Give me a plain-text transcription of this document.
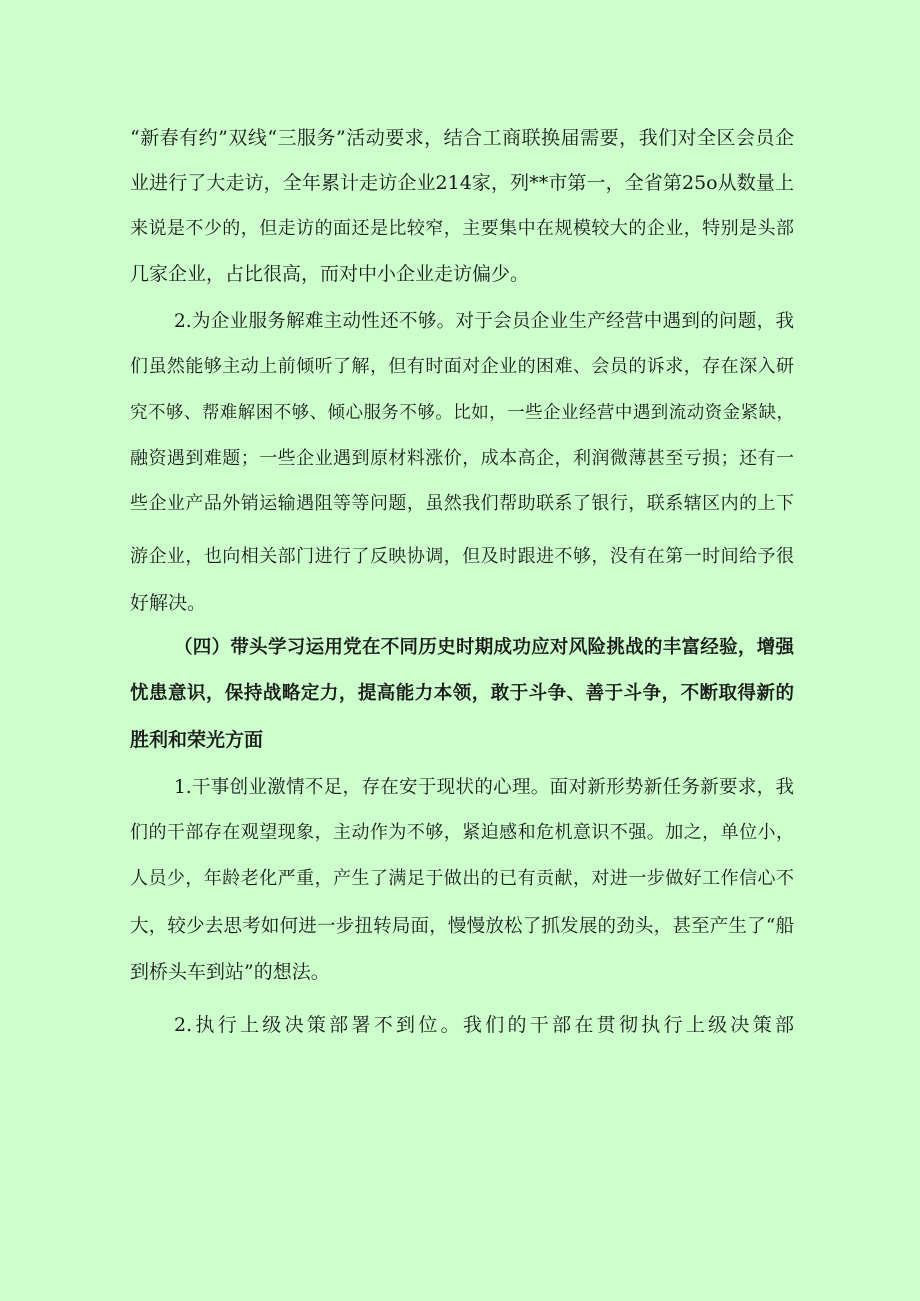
“新春有约”双线“三服务”活动要求，结合工商联换届需要，我们对全区会员企
业进行了大走访，全年累计走访企业214家，列**市第一，全省第25o从数量上
来说是不少的，但走访的面还是比较窄，主要集中在规模较大的企业，特别是头部
几家企业，占比很高，而对中小企业走访偏少。
2.为企业服务解难主动性还不够。对于会员企业生产经营中遇到的问题，我
们虽然能够主动上前倾听了解，但有时面对企业的困难、会员的诉求，存在深入研
究不够、帮难解困不够、倾心服务不够。比如，一些企业经营中遇到流动资金紧缺，
融资遇到难题；一些企业遇到原材料涨价，成本高企，利润微薄甚至亏损；还有一
些企业产品外销运输遇阻等等问题，虽然我们帮助联系了银行，联系辖区内的上下
游企业，也向相关部门进行了反映协调，但及时跟进不够，没有在第一时间给予很
好解决。
（四）带头学习运用党在不同历史时期成功应对风险挑战的丰富经验，增强
忧患意识，保持战略定力，提高能力本领，敢于斗争、善于斗争，不断取得新的
胜利和荣光方面
1.干事创业激情不足，存在安于现状的心理。面对新形势新任务新要求，我
们的干部存在观望现象，主动作为不够，紧迫感和危机意识不强。加之，单位小，
人员少，年龄老化严重，产生了满足于做出的已有贡献，对进一步做好工作信心不
大，较少去思考如何进一步扭转局面，慢慢放松了抓发展的劲头，甚至产生了“船
到桥头车到站”的想法。
2.执行上级决策部署不到位。我们的干部在贯彻执行上级决策部
